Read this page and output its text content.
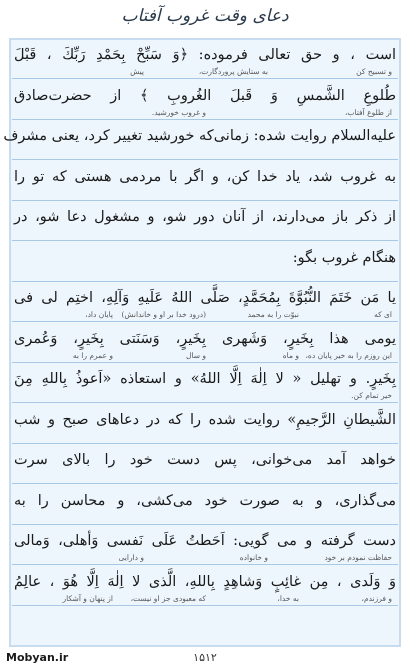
دعای وقت غروب آفتاب
است ، و حق تعالی فرموده: ﴿وَ سَبِّحْ بِحَمْدِ رَبِّكَ ، قَبْلَ
و تسبیح کن
به ستایش پروردگارت،
پیش
طُلوعِ الشَّمسِ وَ قَبلَ الغُروبِ ﴾ از حضرت‌صادق
از طلوع آفتاب،
و غروب خورشید.
عليه‌السلام روایت شده: زمانی‌که خورشید تغییر کرد، یعنی مشرف
به غروب شد، یاد خدا کن، و اگر با مردمی هستی که تو را
از ذکر باز می‌دارند، از آنان دور شو، و مشغول دعا شو، در
هنگام غروب بگو:
يا مَن خَتَمَ النُّبُوَّةَ بِمُحَمَّدٍ، صَلَّى اللهُ عَلَيهِ وَآلِهِ، اختِم لى فى
ای که
نبوّت را به محمد
(درود خدا بر او و خاندانش)
پایان داد،
يومى هذا بِخَيرٍ، وَشَهرى بِخَيرٍ، وَسَنَتى بِخَيرٍ، وَعُمرى
این روزم را به خیر پایان ده،
و ماه
و سال
و عمرم را به
بِخَيرٍ. و تهلیل « لا اِلٰهَ اِلَّا اللهُ» و استعاذه «اَعوذُ بِاللهِ مِنَ
خیر تمام کن.
الشَّيطانِ الرَّجيمِ» روایت شده را که در دعاهای صبح و شب
خواهد آمد می‌خوانی، پس دست خود را بالای سرت
می‌گذاری، و به صورت خود می‌کشی، و محاسن را به
دست گرفته و می گویی: اَحَطتُ عَلَى نَفسى وَأهلى، وَمالى
حفاظت نمودم بر خود
و خانواده
و دارایی
وَ وَلَدى ، مِن غائِبٍ وَشاهِدٍ بِاللهِ، الَّذى لا اِلٰهَ اِلَّا هُوَ ، عالِمُ
و فرزندم،
به خدا،
که معبودی جز او نیست،
از پنهان و آشکار
Mobyan.ir	۱۵۱۲
